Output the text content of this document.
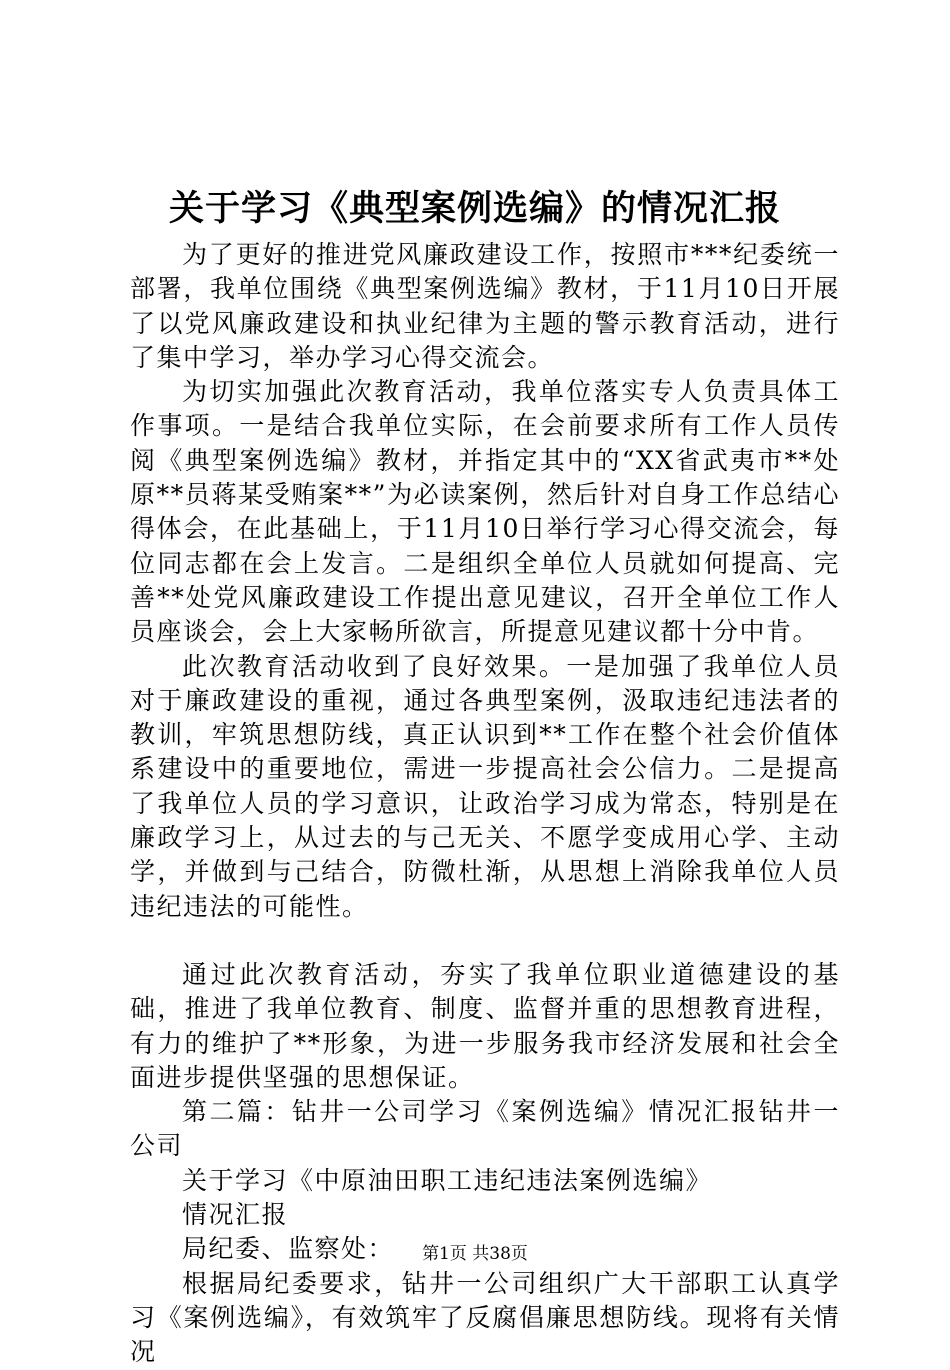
关于学习《典型案例选编》的情况汇报

为了更好的推进党风廉政建设工作，按照市***纪委统一部署，我单位围绕《典型案例选编》教材，于11月10日开展了以党风廉政建设和执业纪律为主题的警示教育活动，进行了集中学习，举办学习心得交流会。

为切实加强此次教育活动，我单位落实专人负责具体工作事项。一是结合我单位实际，在会前要求所有工作人员传阅《典型案例选编》教材，并指定其中的“XX省武夷市**处原**员蒋某受贿案**”为必读案例，然后针对自身工作总结心得体会，在此基础上，于11月10日举行学习心得交流会，每位同志都在会上发言。二是组织全单位人员就如何提高、完善**处党风廉政建设工作提出意见建议，召开全单位工作人员座谈会，会上大家畅所欲言，所提意见建议都十分中肯。

此次教育活动收到了良好效果。一是加强了我单位人员对于廉政建设的重视，通过各典型案例，汲取违纪违法者的教训，牢筑思想防线，真正认识到**工作在整个社会价值体系建设中的重要地位，需进一步提高社会公信力。二是提高了我单位人员的学习意识，让政治学习成为常态，特别是在廉政学习上，从过去的与己无关、不愿学变成用心学、主动学，并做到与己结合，防微杜渐，从思想上消除我单位人员违纪违法的可能性。

通过此次教育活动，夯实了我单位职业道德建设的基础，推进了我单位教育、制度、监督并重的思想教育进程，有力的维护了**形象，为进一步服务我市经济发展和社会全面进步提供坚强的思想保证。

第二篇：钻井一公司学习《案例选编》情况汇报钻井一公司

关于学习《中原油田职工违纪违法案例选编》

情况汇报

局纪委、监察处：

根据局纪委要求，钻井一公司组织广大干部职工认真学习《案例选编》，有效筑牢了反腐倡廉思想防线。现将有关情况

第1页 共38页
